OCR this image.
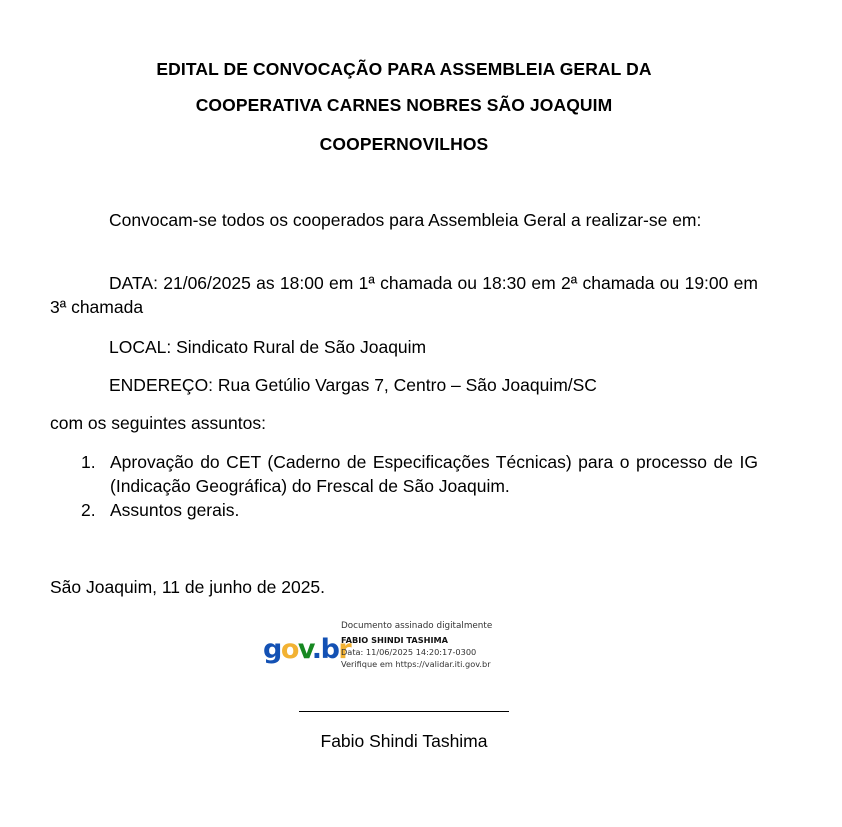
EDITAL DE CONVOCAÇÃO PARA ASSEMBLEIA GERAL DA
COOPERATIVA CARNES NOBRES SÃO JOAQUIM
COOPERNOVILHOS
Convocam-se todos os cooperados para Assembleia Geral a realizar-se em:
DATA: 21/06/2025 as 18:00 em 1ª chamada ou 18:30 em 2ª chamada ou 19:00 em 3ª chamada
LOCAL: Sindicato Rural de São Joaquim
ENDEREÇO: Rua Getúlio Vargas 7, Centro – São Joaquim/SC
com os seguintes assuntos:
1. Aprovação do CET (Caderno de Especificações Técnicas) para o processo de IG (Indicação Geográfica) do Frescal de São Joaquim.
2. Assuntos gerais.
São Joaquim, 11 de junho de 2025.
gov.br
Documento assinado digitalmente
FABIO SHINDI TASHIMA
Data: 11/06/2025 14:20:17-0300
Verifique em https://validar.iti.gov.br
Fabio Shindi Tashima
